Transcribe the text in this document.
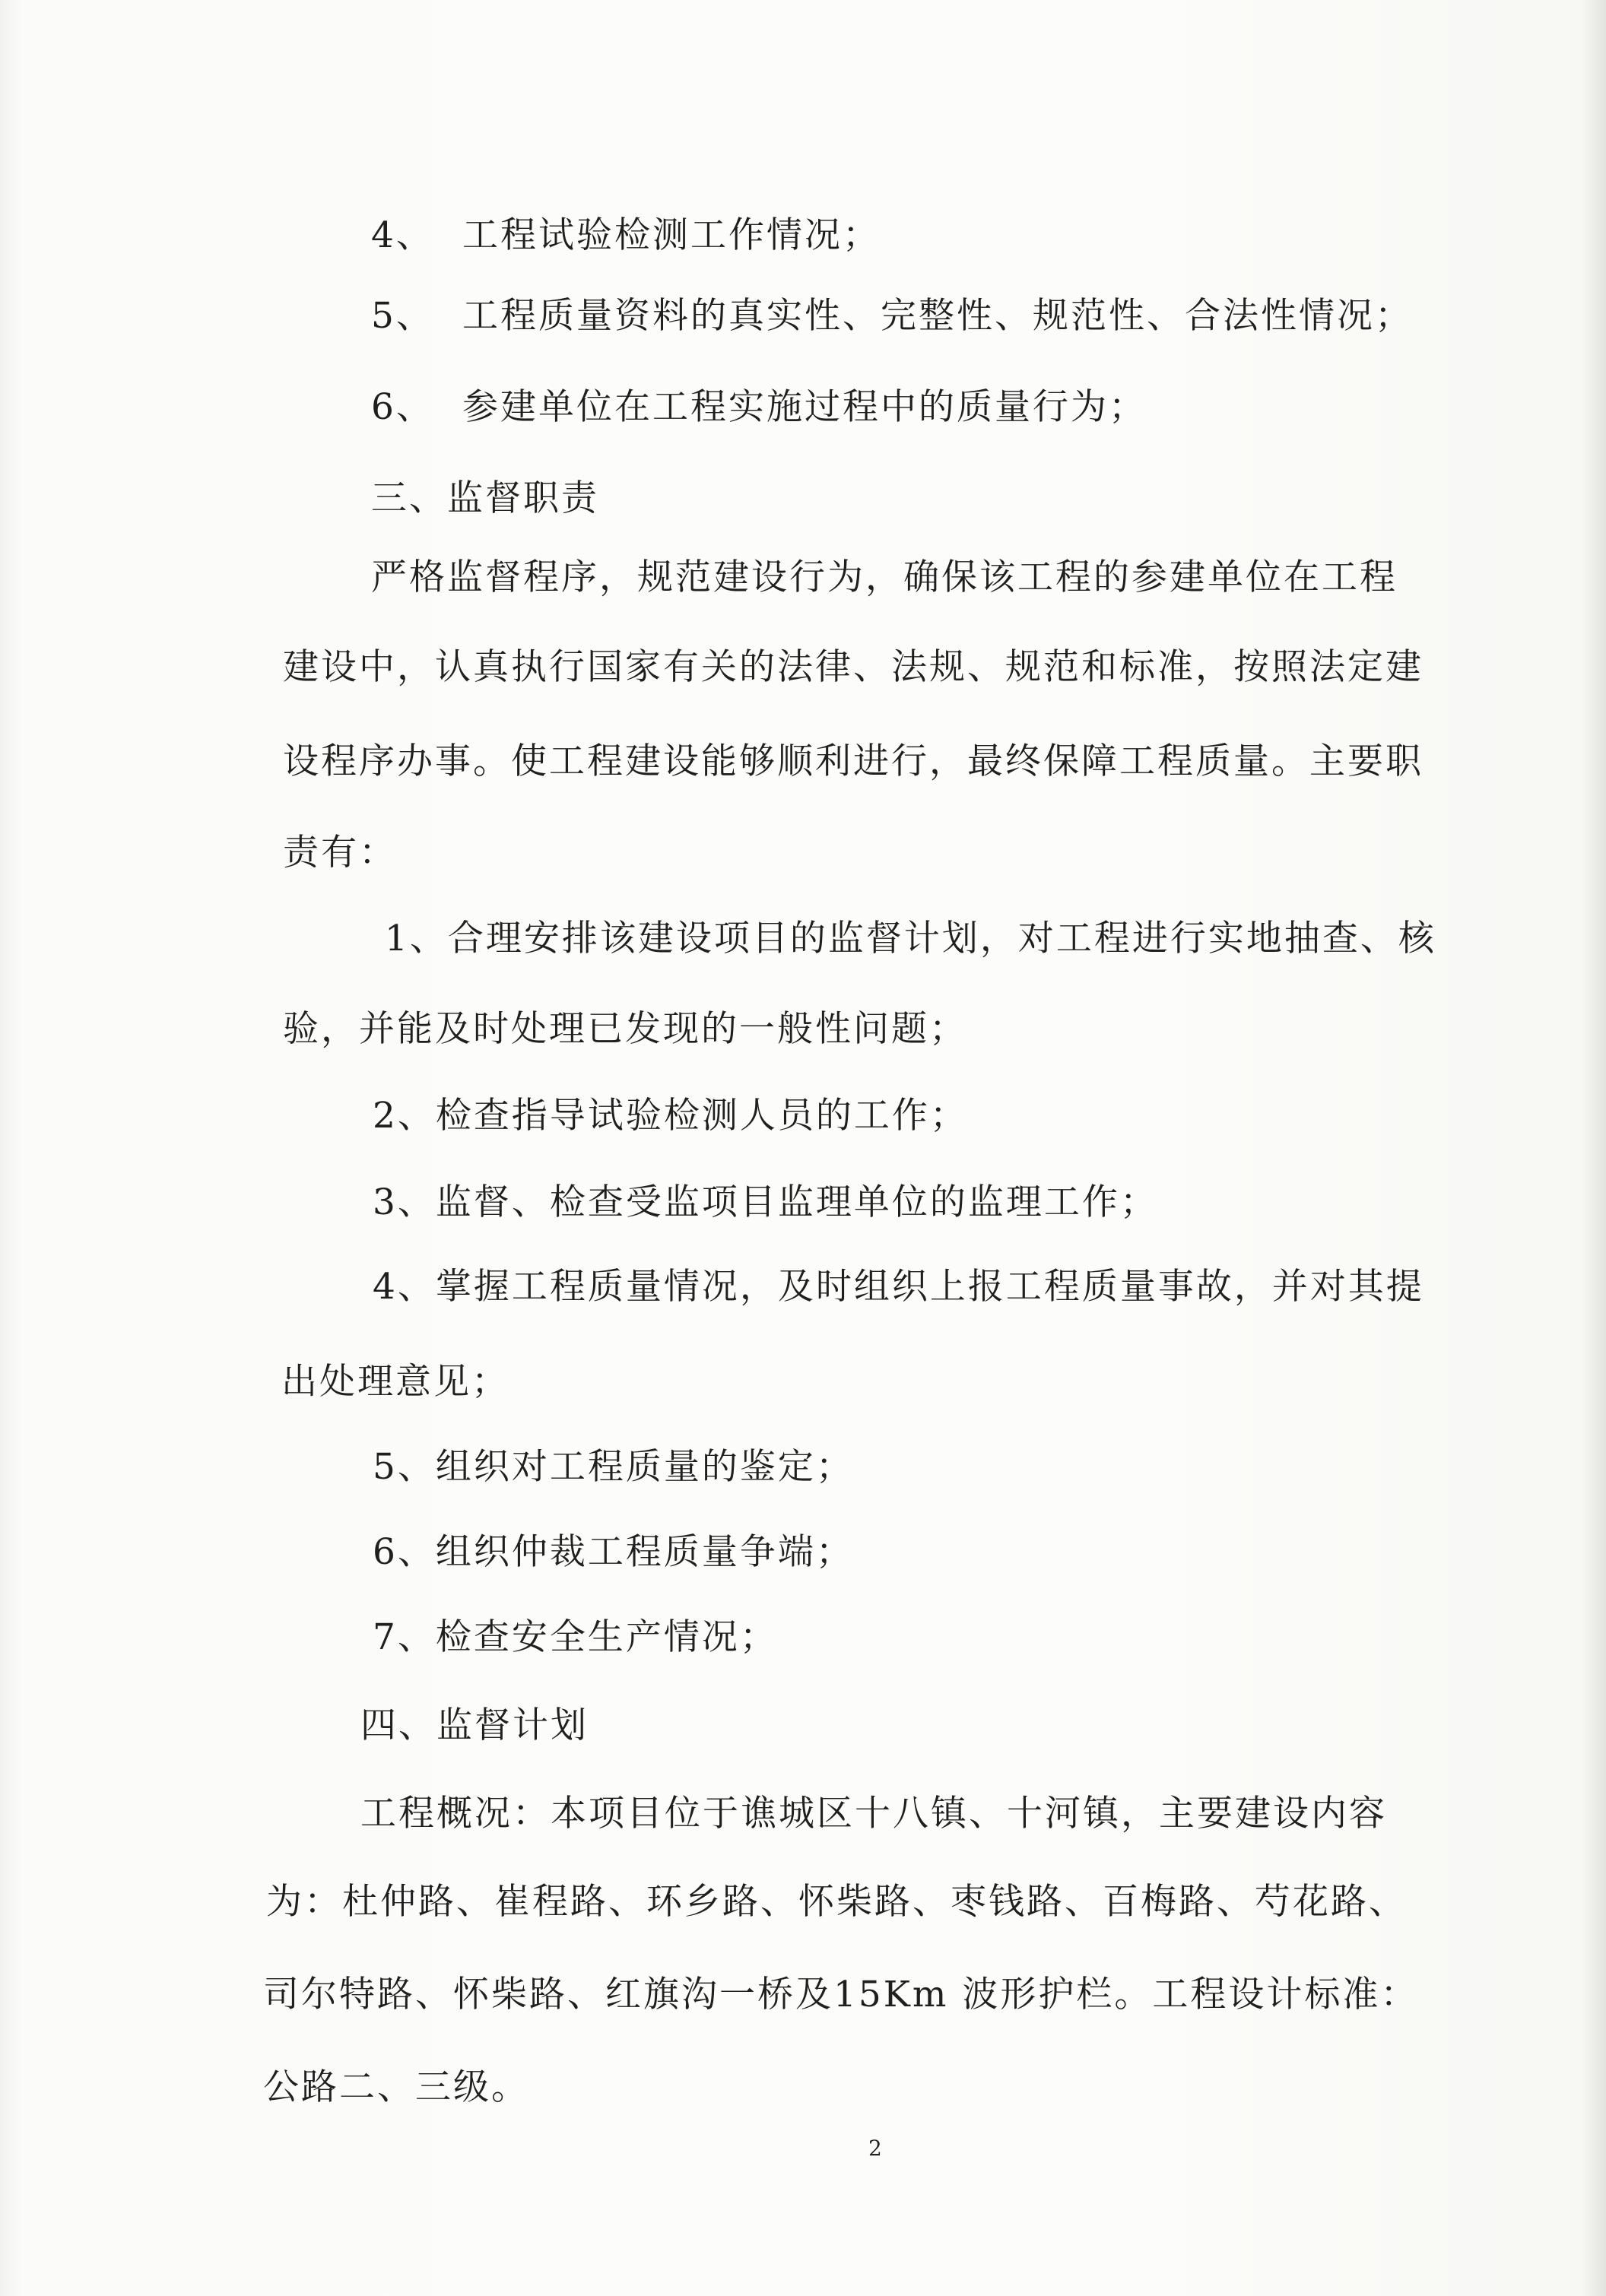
4、 工程试验检测工作情况；
5、 工程质量资料的真实性、完整性、规范性、合法性情况；
6、 参建单位在工程实施过程中的质量行为；
三、监督职责
严格监督程序，规范建设行为，确保该工程的参建单位在工程
建设中，认真执行国家有关的法律、法规、规范和标准，按照法定建
设程序办事。使工程建设能够顺利进行，最终保障工程质量。主要职
责有：
1、合理安排该建设项目的监督计划，对工程进行实地抽查、核
验，并能及时处理已发现的一般性问题；
2、检查指导试验检测人员的工作；
3、监督、检查受监项目监理单位的监理工作；
4、掌握工程质量情况，及时组织上报工程质量事故，并对其提
出处理意见；
5、组织对工程质量的鉴定；
6、组织仲裁工程质量争端；
7、检查安全生产情况；
四、监督计划
工程概况：本项目位于谯城区十八镇、十河镇，主要建设内容
为：杜仲路、崔程路、环乡路、怀柴路、枣钱路、百梅路、芍花路、
司尔特路、怀柴路、红旗沟一桥及15Km 波形护栏。工程设计标准：
公路二、三级。
2
